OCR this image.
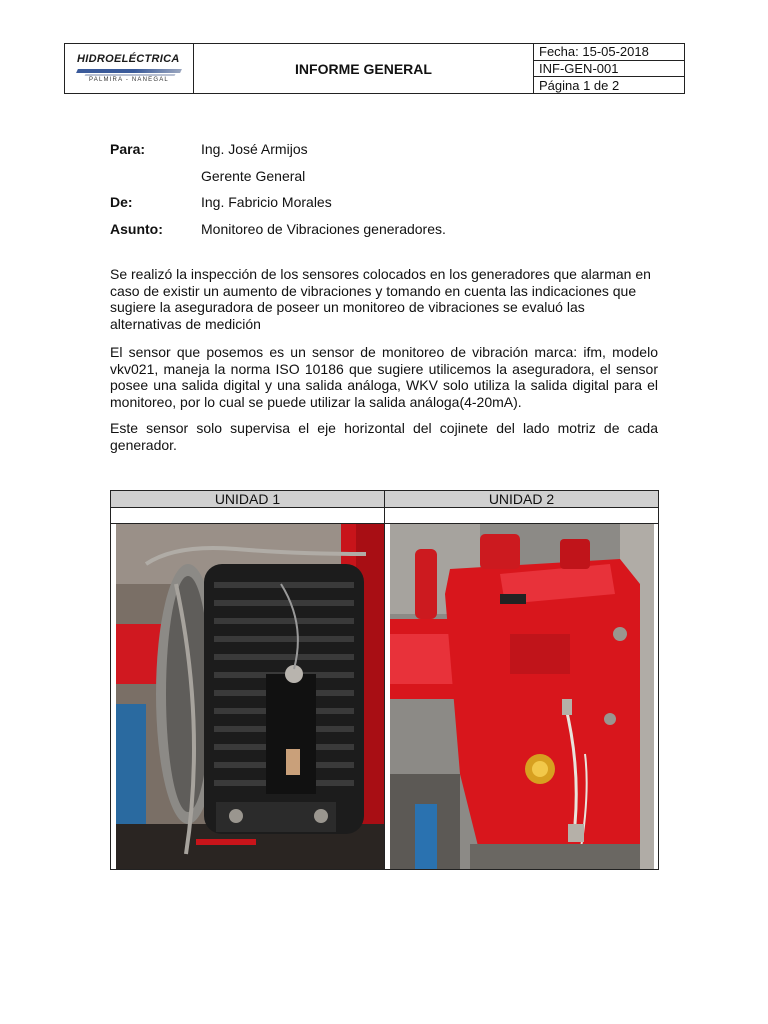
HIDROELÉCTRICA
PALMIRA - NANEGAL
INFORME GENERAL
Fecha: 15-05-2018
INF-GEN-001
Página 1 de 2
Para:	Ing. José Armijos
Gerente General
De:	Ing. Fabricio Morales
Asunto:	Monitoreo de Vibraciones generadores.

Se realizó la inspección de los sensores colocados en los generadores que alarman en caso de existir un aumento de vibraciones y tomando en cuenta las indicaciones que sugiere la aseguradora de poseer un monitoreo de vibraciones se evaluó las alternativas de medición

El sensor que posemos es un sensor de monitoreo de vibración marca: ifm, modelo vkv021, maneja la norma ISO 10186 que sugiere utilicemos la aseguradora, el sensor posee una salida digital y una salida análoga, WKV solo utiliza la salida digital para el monitoreo, por lo cual se puede utilizar la salida análoga(4-20mA).

Este sensor solo supervisa el eje horizontal del cojinete del lado motriz de cada generador.

UNIDAD 1	UNIDAD 2
